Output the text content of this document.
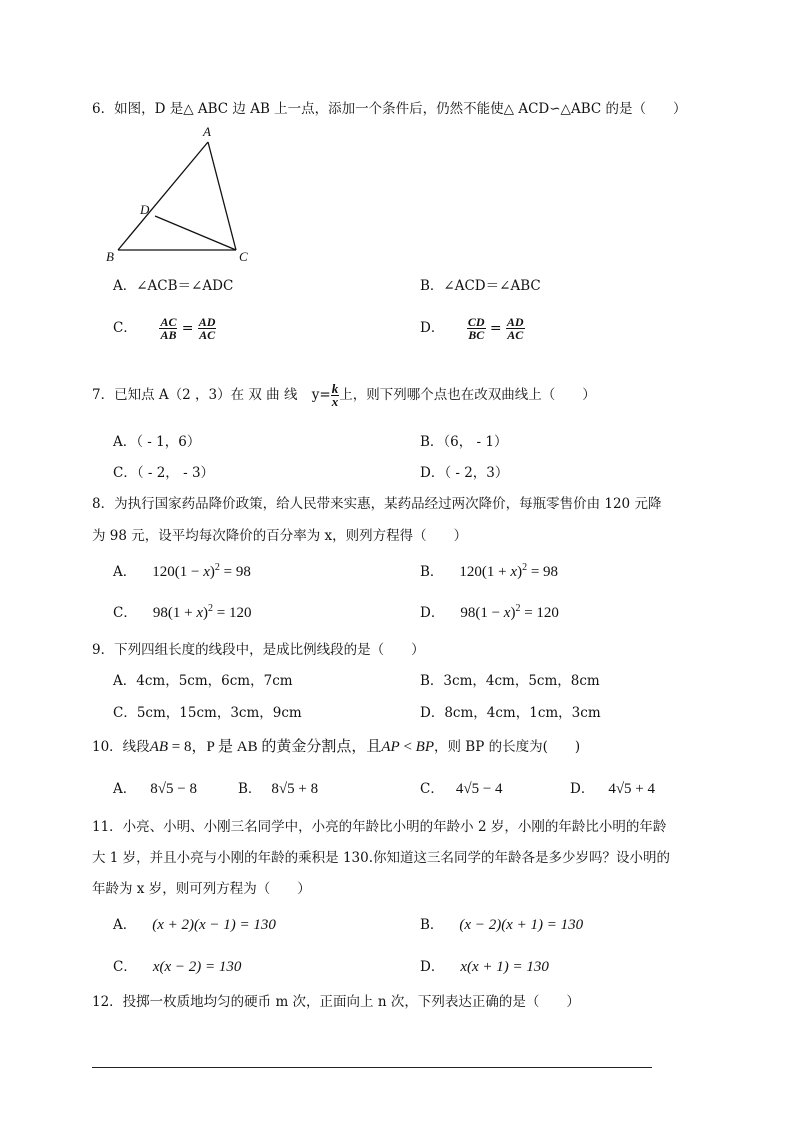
6．如图，D 是△ ABC 边 AB 上一点，添加一个条件后，仍然不能使△ ACD∽△ABC 的是（　　）
A
B	C
D
A．∠ACB＝∠ADC	B．∠ACD＝∠ABC
C． $\frac{AC}{AB} = \frac{AD}{AC}$	D． $\frac{CD}{BC} = \frac{AD}{AC}$
7．已知点 A（2 ，3）在 双 曲 线 $y= \frac{k}{x}$ 上，则下列哪个点也在改双曲线上（　　）
A．（ - 1，6）	B．（6， - 1）
C．（ - 2， - 3）	D．（ - 2，3）
8．为执行国家药品降价政策，给人民带来实惠，某药品经过两次降价，每瓶零售价由 120 元降
为 98 元，设平均每次降价的百分率为 x，则列方程得（　　）
A． $120(1 - x)^2 = 98$	B． $120(1 + x)^2 = 98$
C． $98(1 + x)^2 = 120$	D． $98(1 - x)^2 = 120$
9．下列四组长度的线段中，是成比例线段的是（　　）
A．4cm，5cm，6cm，7cm	B．3cm，4cm，5cm，8cm
C．5cm，15cm，3cm，9cm	D．8cm，4cm，1cm，3cm
10．线段AB = 8，P 是 AB 的黄金分割点，且AP < BP，则 BP 的长度为(　　)
A． 8√5 − 8	B． 8√5 + 8	C． 4√5 − 4	D． 4√5 + 4
11．小亮、小明、小刚三名同学中，小亮的年龄比小明的年龄小 2 岁，小刚的年龄比小明的年龄
大 1 岁，并且小亮与小刚的年龄的乘积是 130.你知道这三名同学的年龄各是多少岁吗？设小明的
年龄为 x 岁，则可列方程为（　　）
A． (x + 2)(x − 1) = 130	B． (x − 2)(x + 1) = 130
C． x(x − 2) = 130	D． x(x + 1) = 130
12．投掷一枚质地均匀的硬币 m 次，正面向上 n 次，下列表达正确的是（　　）
